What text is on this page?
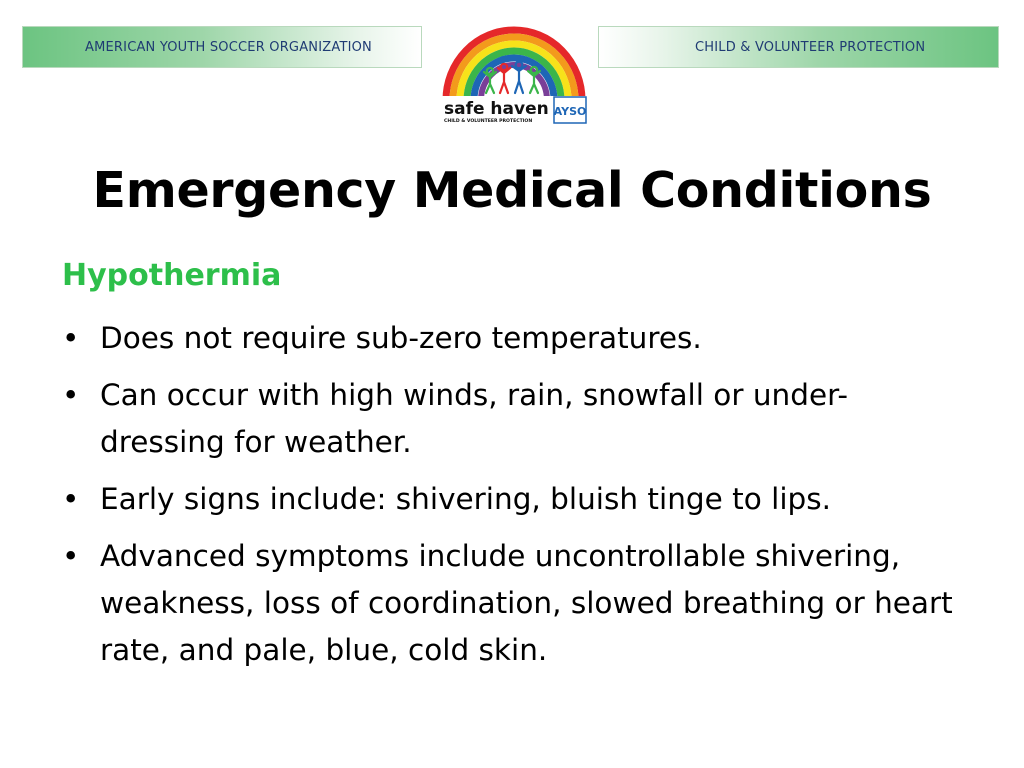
AMERICAN YOUTH SOCCER ORGANIZATION
safe haven
CHILD & VOLUNTEER PROTECTION
AYSO
CHILD & VOLUNTEER PROTECTION
Emergency Medical Conditions
Hypothermia
• Does not require sub-zero temperatures.
• Can occur with high winds, rain, snowfall or under-dressing for weather.
• Early signs include: shivering, bluish tinge to lips.
• Advanced symptoms include uncontrollable shivering, weakness, loss of coordination, slowed breathing or heart rate, and pale, blue, cold skin.
